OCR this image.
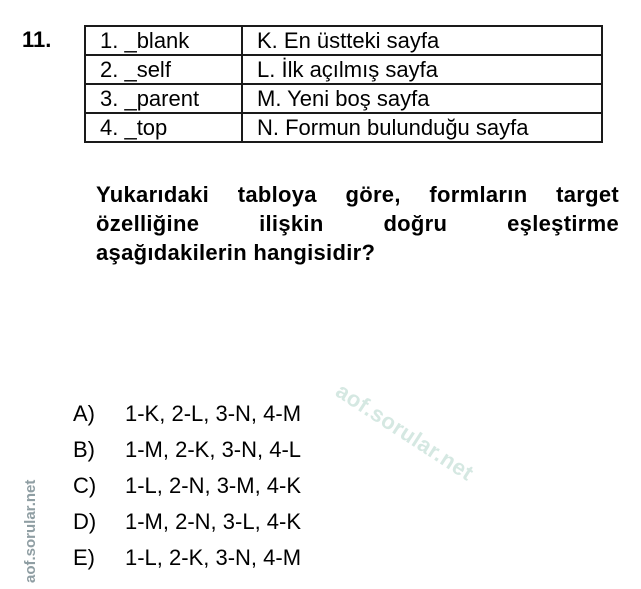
11. 1. _blank	K. En üstteki sayfa
2. _self	L. İlk açılmış sayfa
3. _parent	M. Yeni boş sayfa
4. _top	N. Formun bulunduğu sayfa
Yukarıdaki tabloya göre, formların target
özelliğine ilişkin doğru eşleştirme
aşağıdakilerin hangisidir?
aof.sorular.net
A)	1-K, 2-L, 3-N, 4-M
B)	1-M, 2-K, 3-N, 4-L
C)	1-L, 2-N, 3-M, 4-K
D)	1-M, 2-N, 3-L, 4-K
E)	1-L, 2-K, 3-N, 4-M
aof.sorular.net
